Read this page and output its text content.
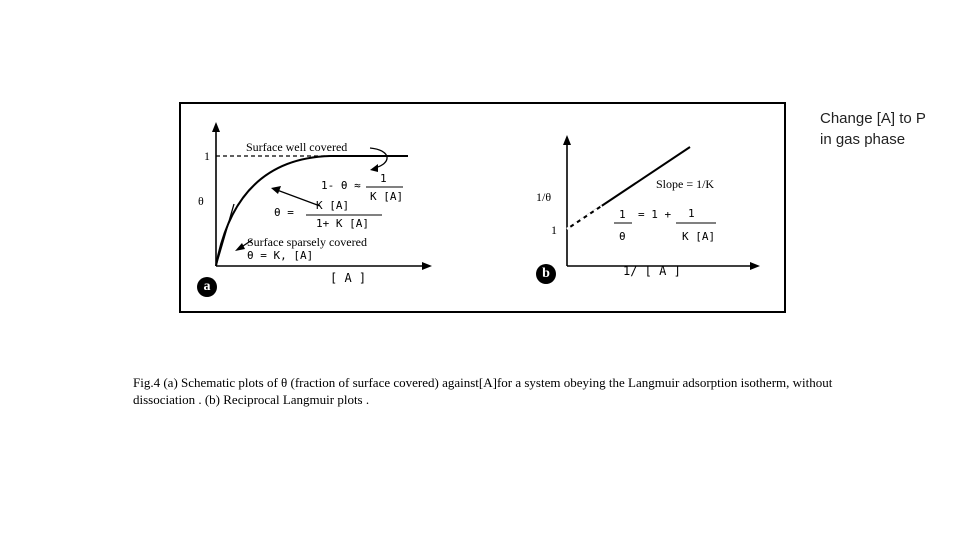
1
θ
a
[ A ]
Surface well covered
1- θ ≈
1
K [A]
θ =
K [A]
1+ K [A]
Surface sparsely covered
θ = K, [A]
1/θ
1
b	1/ [ A ]
Slope = 1/K
1
θ
= 1 + 1
K [A]
Change [A] to P in gas phase
Fig.4 (a) Schematic plots of θ (fraction of surface covered) against[A]for a system obeying the Langmuir adsorption isotherm, without dissociation . (b) Reciprocal Langmuir plots .
